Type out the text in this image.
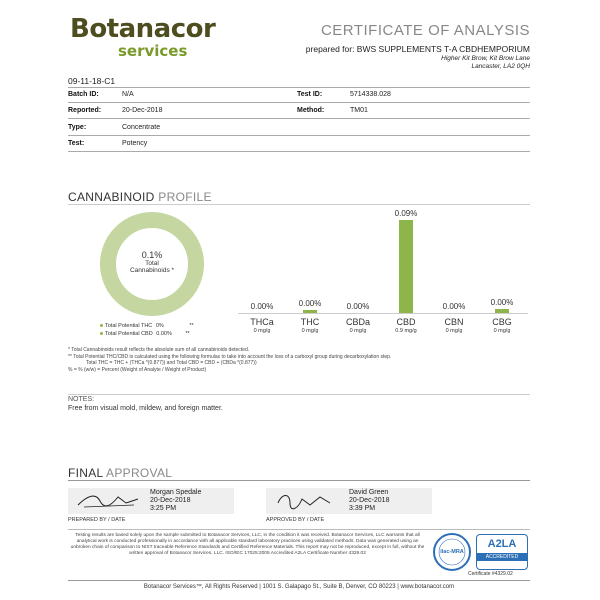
Botanacor
services
CERTIFICATE OF ANALYSIS
prepared for: BWS SUPPLEMENTS T-A CBDHEMPORIUM
Higher Kit Brow, Kit Brow Lane
Lancaster, LA2 0QH
09-11-18-C1
Batch ID:	N/A	Test ID:	5714338.028
Reported:	20-Dec-2018	Method:	TM01
Type:	Concentrate
Test:	Potency
CANNABINOID PROFILE
0.1%
Total
Cannabinoids *
Total Potential THC 0%	**
Total Potential CBD 0.00% **
0.00%
THCa
0 mg/g
0.00%
THC
0 mg/g
0.00%
CBDa
0 mg/g
0.09%
CBD
0.9 mg/g
0.00%
CBN
0 mg/g
0.00%
CBG
0 mg/g
* Total Cannabinoids result reflects the absolute sum of all cannabinoids detected.
** Total Potential THC/CBD is calculated using the following formulas to take into account the loss of a carboxyl group during decarboxylation step.
Total THC = THC + (THCa *(0.877)) and Total CBD = CBD + (CBDa *(0.877))
% = % (w/w) = Percent (Weight of Analyte / Weight of Product)
NOTES:
Free from visual mold, mildew, and foreign matter.
FINAL APPROVAL
Morgan Spedale
20-Dec-2018
3:25 PM
PREPARED BY / DATE
David Green
20-Dec-2018
3:39 PM
APPROVED BY / DATE
Testing results are based solely upon the sample submitted to Botanacor Services, LLC, in the condition it was received. Botanacor Services, LLC warrants that all analytical work is conducted professionally in accordance with all applicable standard laboratory practices using validated methods. Data was generated using an unbroken chain of comparison to NIST traceable Reference Standards and Certified Reference Materials. This report may not be reproduced, except in full, without the written approval of Botanacor Services, LLC. ISO/IEC 17025:2005 Accredited A2LA Certificate Number 4329.02	ilac-MRA
A2LA
ACCREDITED
Certificate #4329.02
Botanacor Services™, All Rights Reserved | 1001 S. Galapago St., Suite B, Denver, CO 80223 | www.botanacor.com
